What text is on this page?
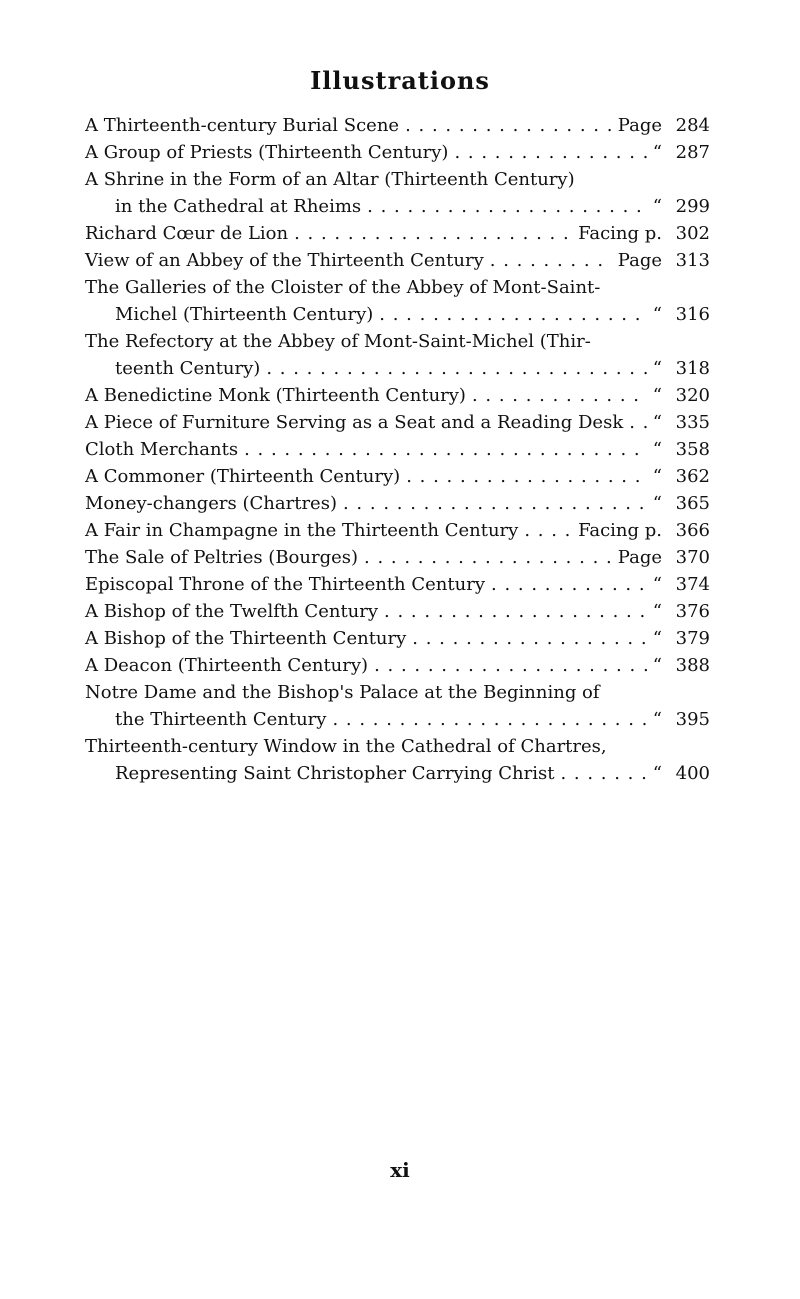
Illustrations
A Thirteenth-century Burial Scene . . .	Page 284
A Group of Priests (Thirteenth Century) . . .	“ 287
A Shrine in the Form of an Altar (Thirteenth Century)
in the Cathedral at Rheims . . .	“ 299
Richard Cœur de Lion . . .	Facing p. 302
View of an Abbey of the Thirteenth Century . . .	Page 313
The Galleries of the Cloister of the Abbey of Mont-Saint-
Michel (Thirteenth Century) . . .	“ 316
The Refectory at the Abbey of Mont-Saint-Michel (Thir-
teenth Century) . . .	“ 318
A Benedictine Monk (Thirteenth Century) . . .	“ 320
A Piece of Furniture Serving as a Seat and a Reading Desk . . .	“ 335
Cloth Merchants . . .	“ 358
A Commoner (Thirteenth Century) . . .	“ 362
Money-changers (Chartres) . . .	“ 365
A Fair in Champagne in the Thirteenth Century . . .	Facing p. 366
The Sale of Peltries (Bourges) . . .	Page 370
Episcopal Throne of the Thirteenth Century . . .	“ 374
A Bishop of the Twelfth Century . . .	“ 376
A Bishop of the Thirteenth Century . . .	“ 379
A Deacon (Thirteenth Century) . . .	“ 388
Notre Dame and the Bishop's Palace at the Beginning of
the Thirteenth Century . . .	“ 395
Thirteenth-century Window in the Cathedral of Chartres,
Representing Saint Christopher Carrying Christ . . .	“ 400
xi
